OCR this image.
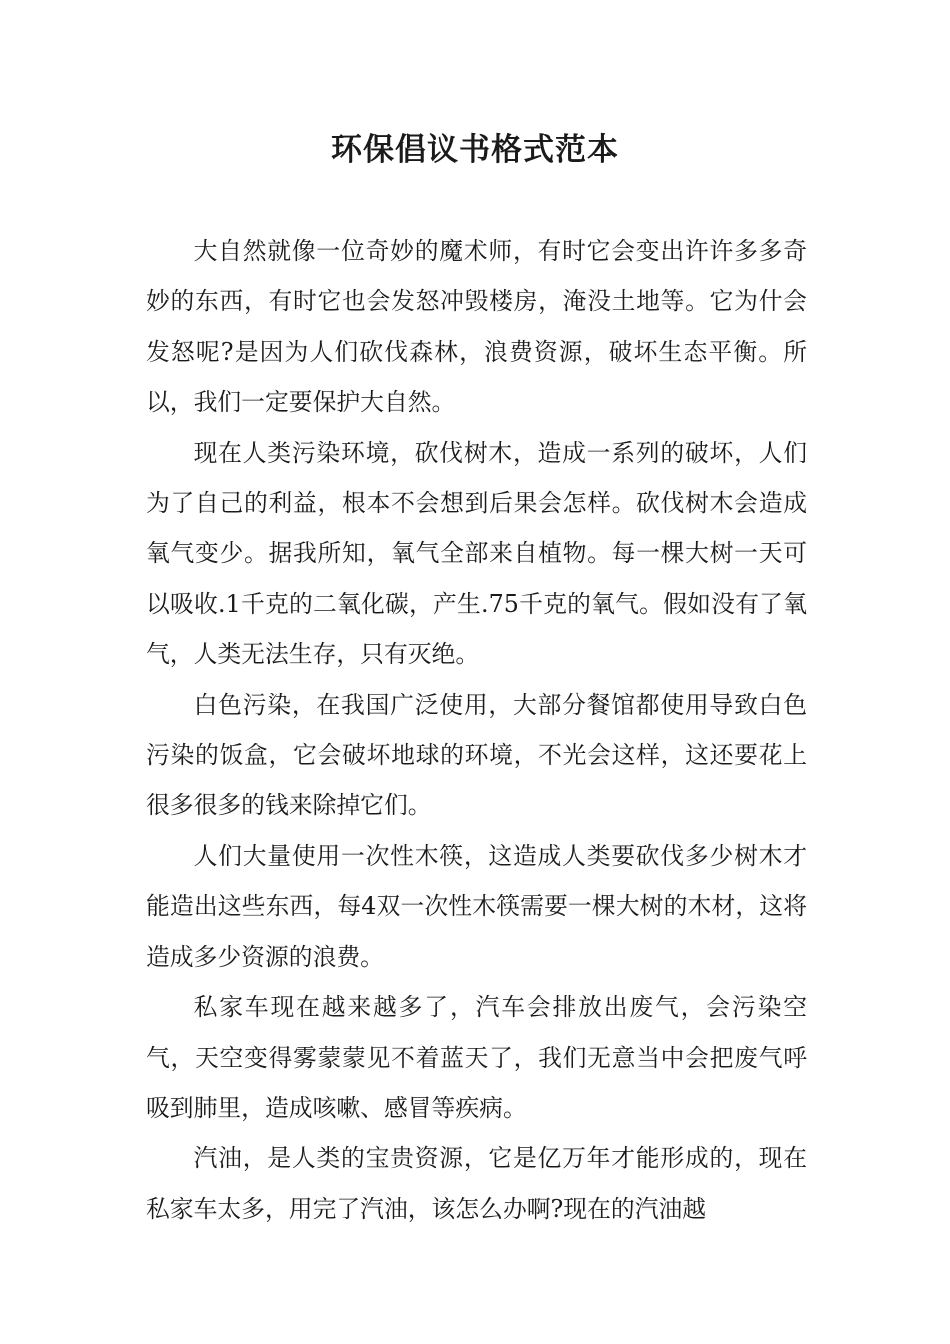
环保倡议书格式范本

大自然就像一位奇妙的魔术师，有时它会变出许许多多奇妙的东西，有时它也会发怒冲毁楼房，淹没土地等。它为什会发怒呢?是因为人们砍伐森林，浪费资源，破坏生态平衡。所以，我们一定要保护大自然。

现在人类污染环境，砍伐树木，造成一系列的破坏，人们为了自己的利益，根本不会想到后果会怎样。砍伐树木会造成氧气变少。据我所知，氧气全部来自植物。每一棵大树一天可以吸收.1千克的二氧化碳，产生.75千克的氧气。假如没有了氧气，人类无法生存，只有灭绝。

白色污染，在我国广泛使用，大部分餐馆都使用导致白色污染的饭盒，它会破坏地球的环境，不光会这样，这还要花上很多很多的钱来除掉它们。

人们大量使用一次性木筷，这造成人类要砍伐多少树木才能造出这些东西，每4双一次性木筷需要一棵大树的木材，这将造成多少资源的浪费。

私家车现在越来越多了，汽车会排放出废气，会污染空气，天空变得雾蒙蒙见不着蓝天了，我们无意当中会把废气呼吸到肺里，造成咳嗽、感冒等疾病。

汽油，是人类的宝贵资源，它是亿万年才能形成的，现在私家车太多，用完了汽油，该怎么办啊?现在的汽油越
